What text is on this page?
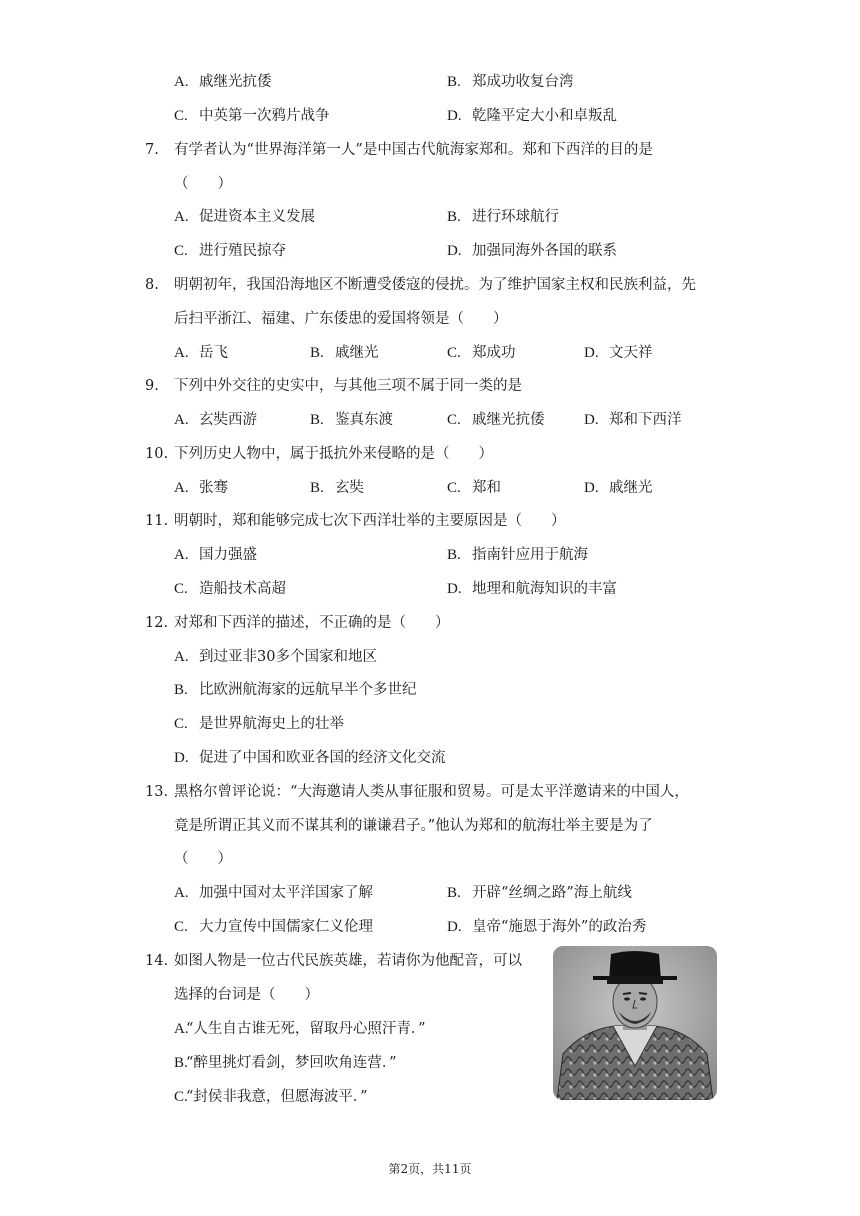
A. 戚继光抗倭	B. 郑成功收复台湾
C. 中英第一次鸦片战争	D. 乾隆平定大小和卓叛乱
7. 有学者认为“世界海洋第一人”是中国古代航海家郑和。郑和下西洋的目的是
（　　）
A. 促进资本主义发展	B. 进行环球航行
C. 进行殖民掠夺	D. 加强同海外各国的联系
8. 明朝初年，我国沿海地区不断遭受倭寇的侵扰。为了维护国家主权和民族利益，先
后扫平浙江、福建、广东倭患的爱国将领是（　　）
A. 岳飞	B. 戚继光	C. 郑成功	D. 文天祥
9. 下列中外交往的史实中，与其他三项不属于同一类的是
A. 玄奘西游	B. 鉴真东渡	C. 戚继光抗倭	D. 郑和下西洋
10. 下列历史人物中，属于抵抗外来侵略的是（　　）
A. 张骞	B. 玄奘	C. 郑和	D. 戚继光
11. 明朝时，郑和能够完成七次下西洋壮举的主要原因是（　　）
A. 国力强盛	B. 指南针应用于航海
C. 造船技术高超	D. 地理和航海知识的丰富
12. 对郑和下西洋的描述，不正确的是（　　）
A. 到过亚非30多个国家和地区
B. 比欧洲航海家的远航早半个多世纪
C. 是世界航海史上的壮举
D. 促进了中国和欧亚各国的经济文化交流
13. 黑格尔曾评论说：“大海邀请人类从事征服和贸易。可是太平洋邀请来的中国人，
竟是所谓正其义而不谋其利的谦谦君子。”他认为郑和的航海壮举主要是为了
（　　）
A. 加强中国对太平洋国家了解	B. 开辟“丝绸之路”海上航线
C. 大力宣传中国儒家仁义伦理	D. 皇帝“施恩于海外”的政治秀
14. 如图人物是一位古代民族英雄，若请你为他配音，可以
选择的台词是（　　）
A.“人生自古谁无死，留取丹心照汗青．”
B.“醉里挑灯看剑，梦回吹角连营．”
C.“封侯非我意，但愿海波平．”
第2页，共11页
